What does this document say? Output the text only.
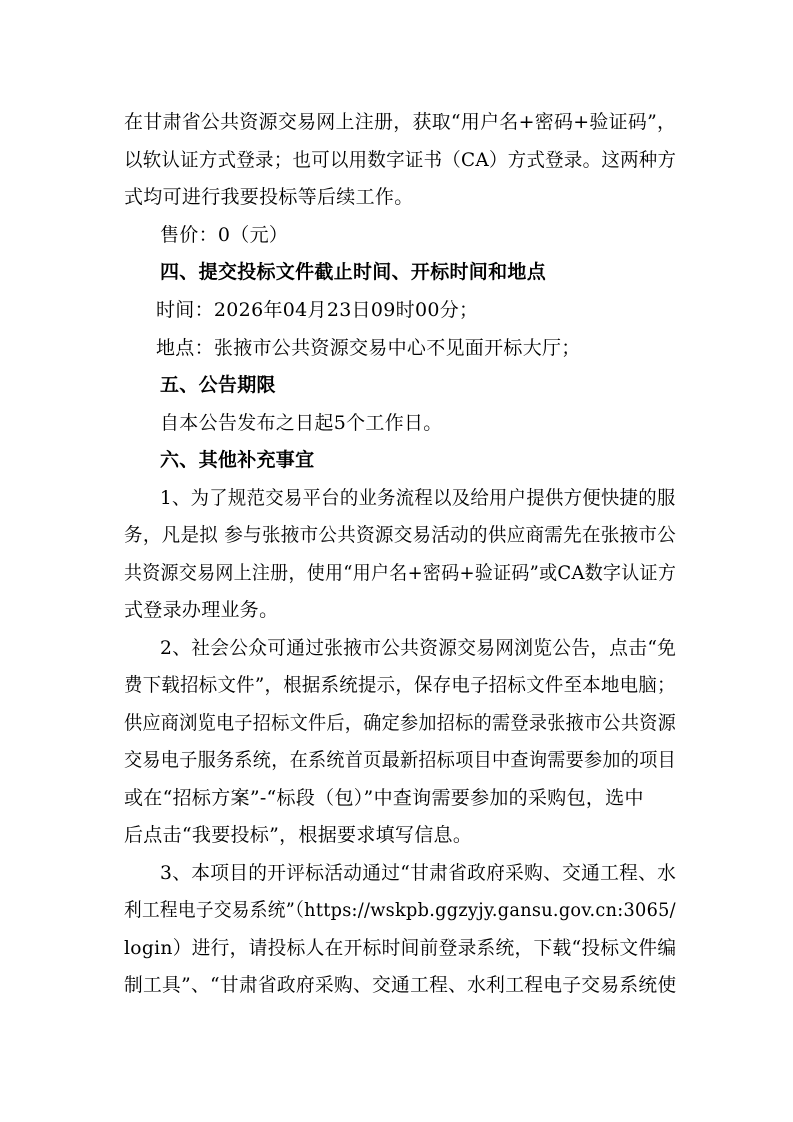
在甘肃省公共资源交易网上注册，获取“用户名+密码+验证码”，
以软认证方式登录；也可以用数字证书（CA）方式登录。这两种方
式均可进行我要投标等后续工作。
售价：0（元）
四、提交投标文件截止时间、开标时间和地点
时间：2026年04月23日09时00分；
地点：张掖市公共资源交易中心不见面开标大厅；
五、公告期限
自本公告发布之日起5个工作日。
六、其他补充事宜
1、为了规范交易平台的业务流程以及给用户提供方便快捷的服
务，凡是拟 参与张掖市公共资源交易活动的供应商需先在张掖市公
共资源交易网上注册，使用“用户名+密码+验证码”或CA数字认证方
式登录办理业务。
2、社会公众可通过张掖市公共资源交易网浏览公告，点击“免
费下载招标文件”，根据系统提示，保存电子招标文件至本地电脑；
供应商浏览电子招标文件后，确定参加招标的需登录张掖市公共资源
交易电子服务系统，在系统首页最新招标项目中查询需要参加的项目
或在“招标方案”-“标段（包）”中查询需要参加的采购包，选中
后点击“我要投标”，根据要求填写信息。
3、本项目的开评标活动通过“甘肃省政府采购、交通工程、水
利工程电子交易系统”（https://wskpb.ggzyjy.gansu.gov.cn:3065/
login）进行，请投标人在开标时间前登录系统，下载“投标文件编
制工具”、“甘肃省政府采购、交通工程、水利工程电子交易系统使
